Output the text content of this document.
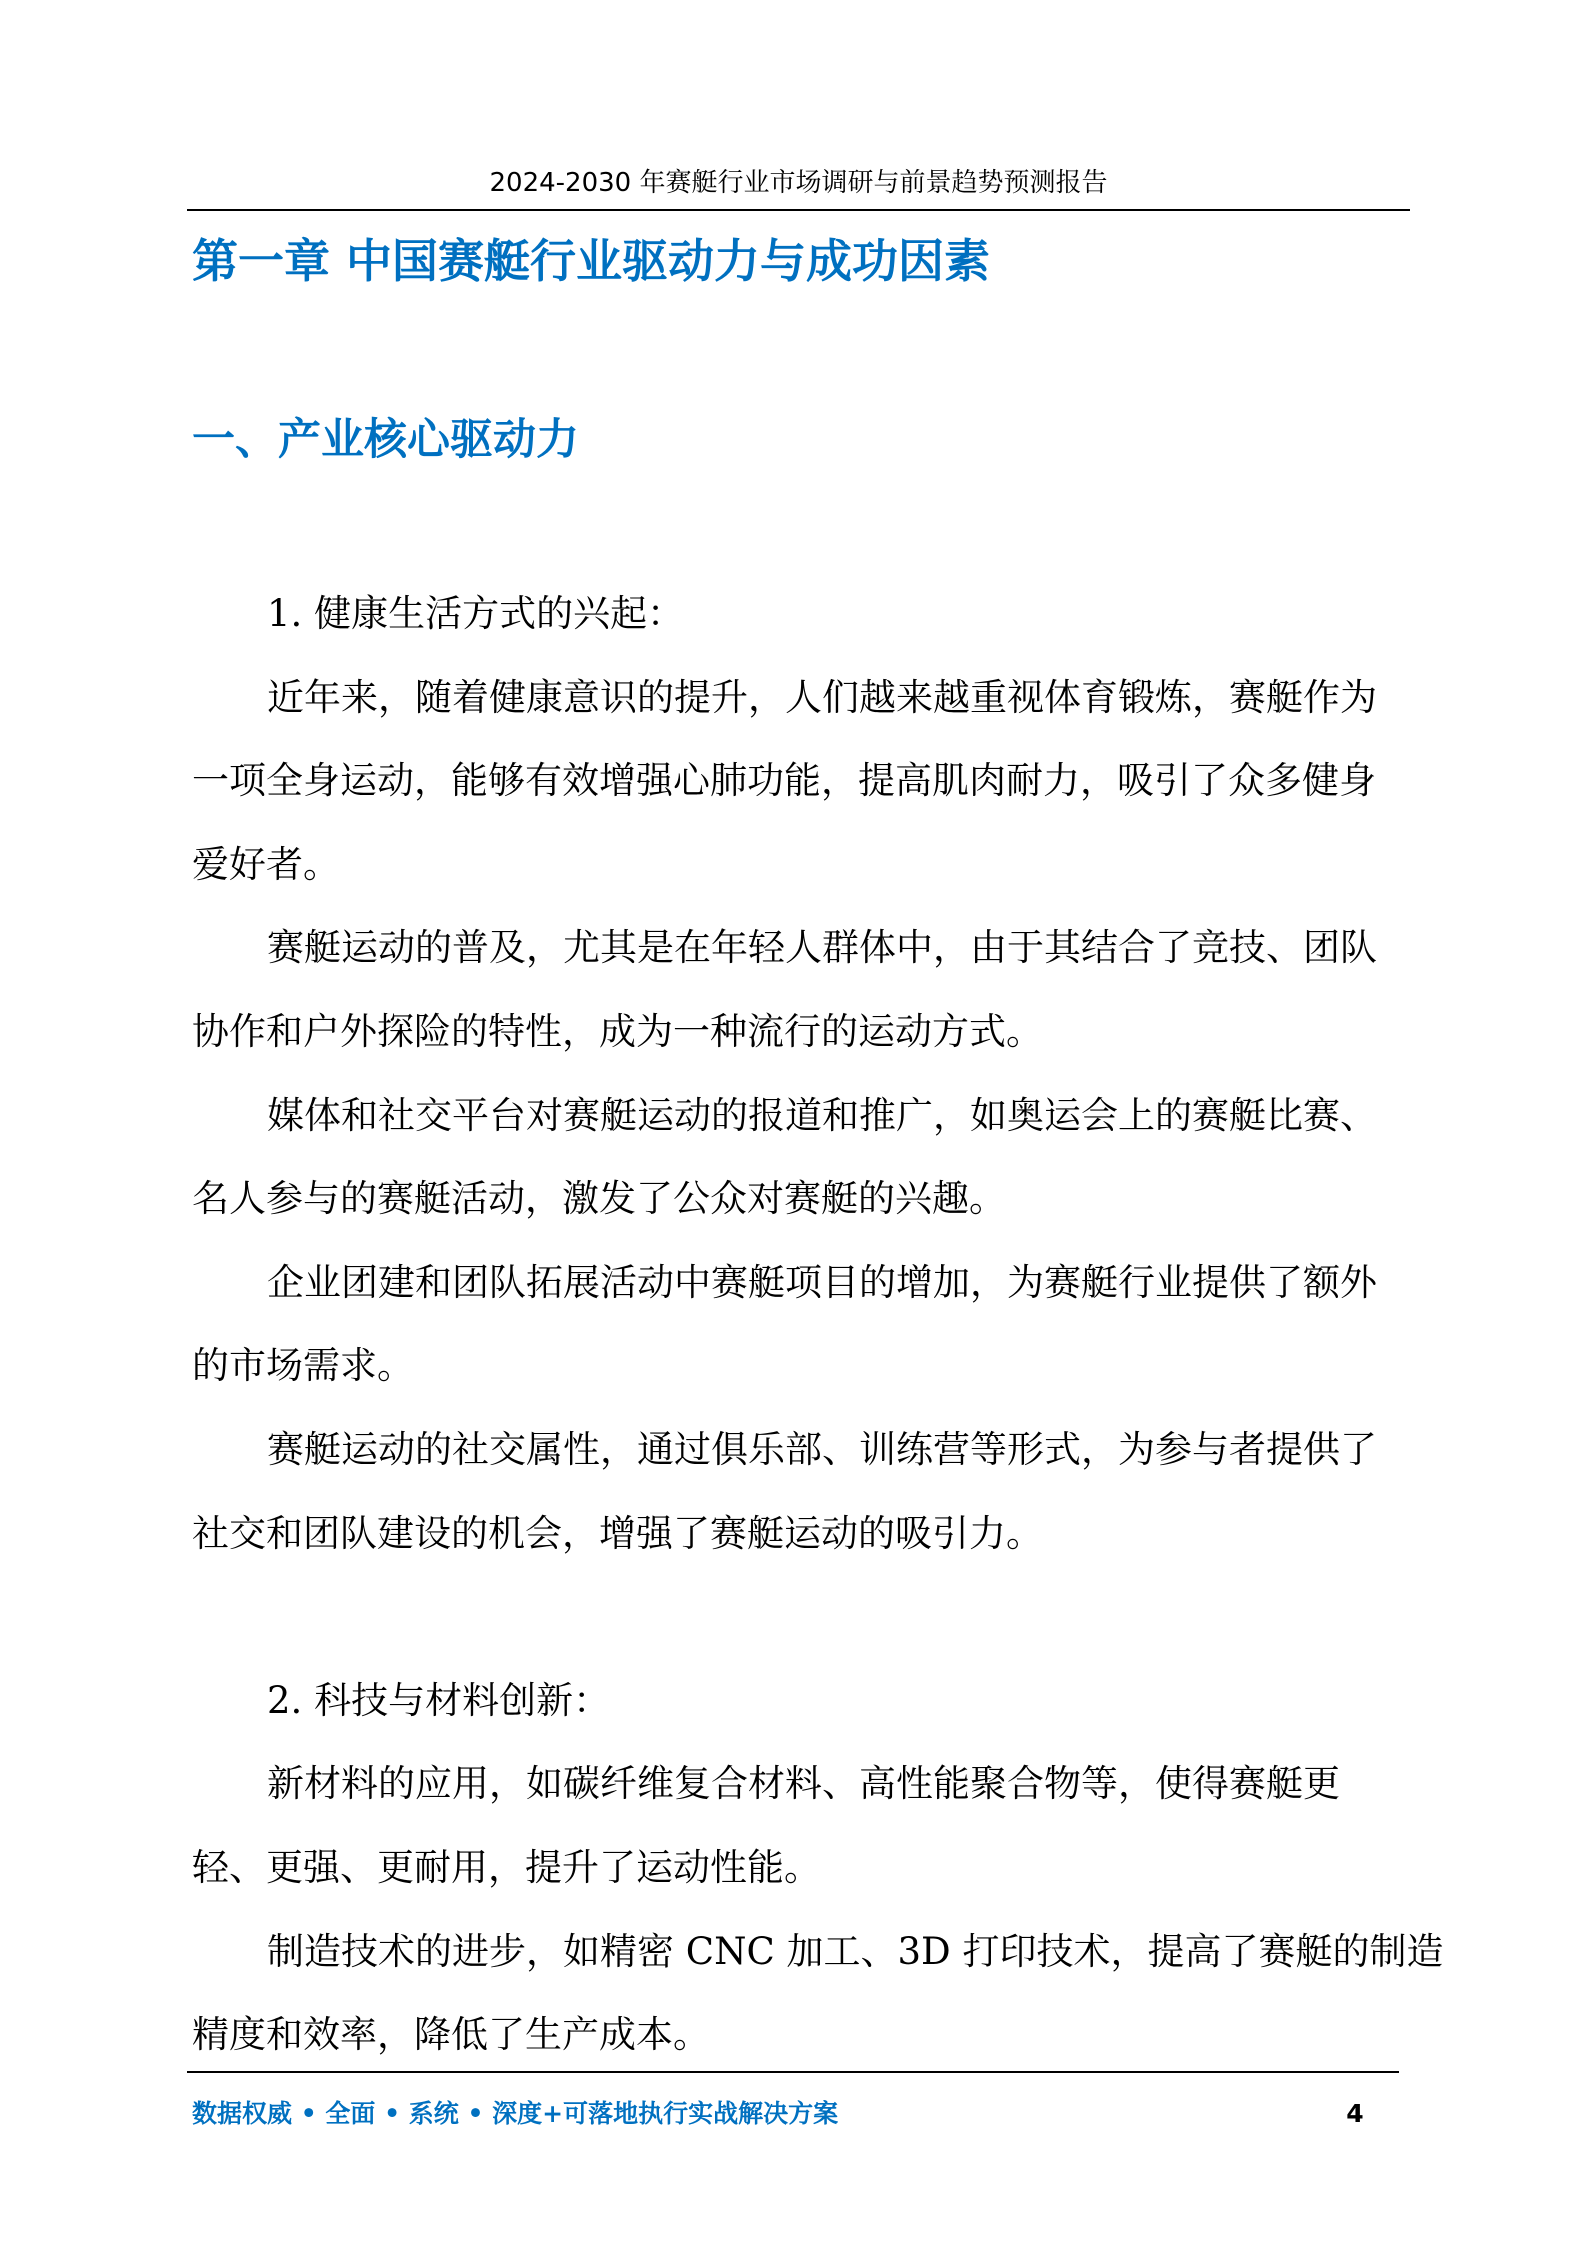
2024-2030 年赛艇行业市场调研与前景趋势预测报告
第一章 中国赛艇行业驱动力与成功因素
一、产业核心驱动力
1. 健康生活方式的兴起：
近年来，随着健康意识的提升，人们越来越重视体育锻炼，赛艇作为
一项全身运动，能够有效增强心肺功能，提高肌肉耐力，吸引了众多健身
爱好者。
赛艇运动的普及，尤其是在年轻人群体中，由于其结合了竞技、团队
协作和户外探险的特性，成为一种流行的运动方式。
媒体和社交平台对赛艇运动的报道和推广，如奥运会上的赛艇比赛、
名人参与的赛艇活动，激发了公众对赛艇的兴趣。
企业团建和团队拓展活动中赛艇项目的增加，为赛艇行业提供了额外
的市场需求。
赛艇运动的社交属性，通过俱乐部、训练营等形式，为参与者提供了
社交和团队建设的机会，增强了赛艇运动的吸引力。
2. 科技与材料创新：
新材料的应用，如碳纤维复合材料、高性能聚合物等，使得赛艇更
轻、更强、更耐用，提升了运动性能。
制造技术的进步，如精密 CNC 加工、3D 打印技术，提高了赛艇的制造
精度和效率，降低了生产成本。
数据权威 • 全面 • 系统 • 深度+可落地执行实战解决方案	4
